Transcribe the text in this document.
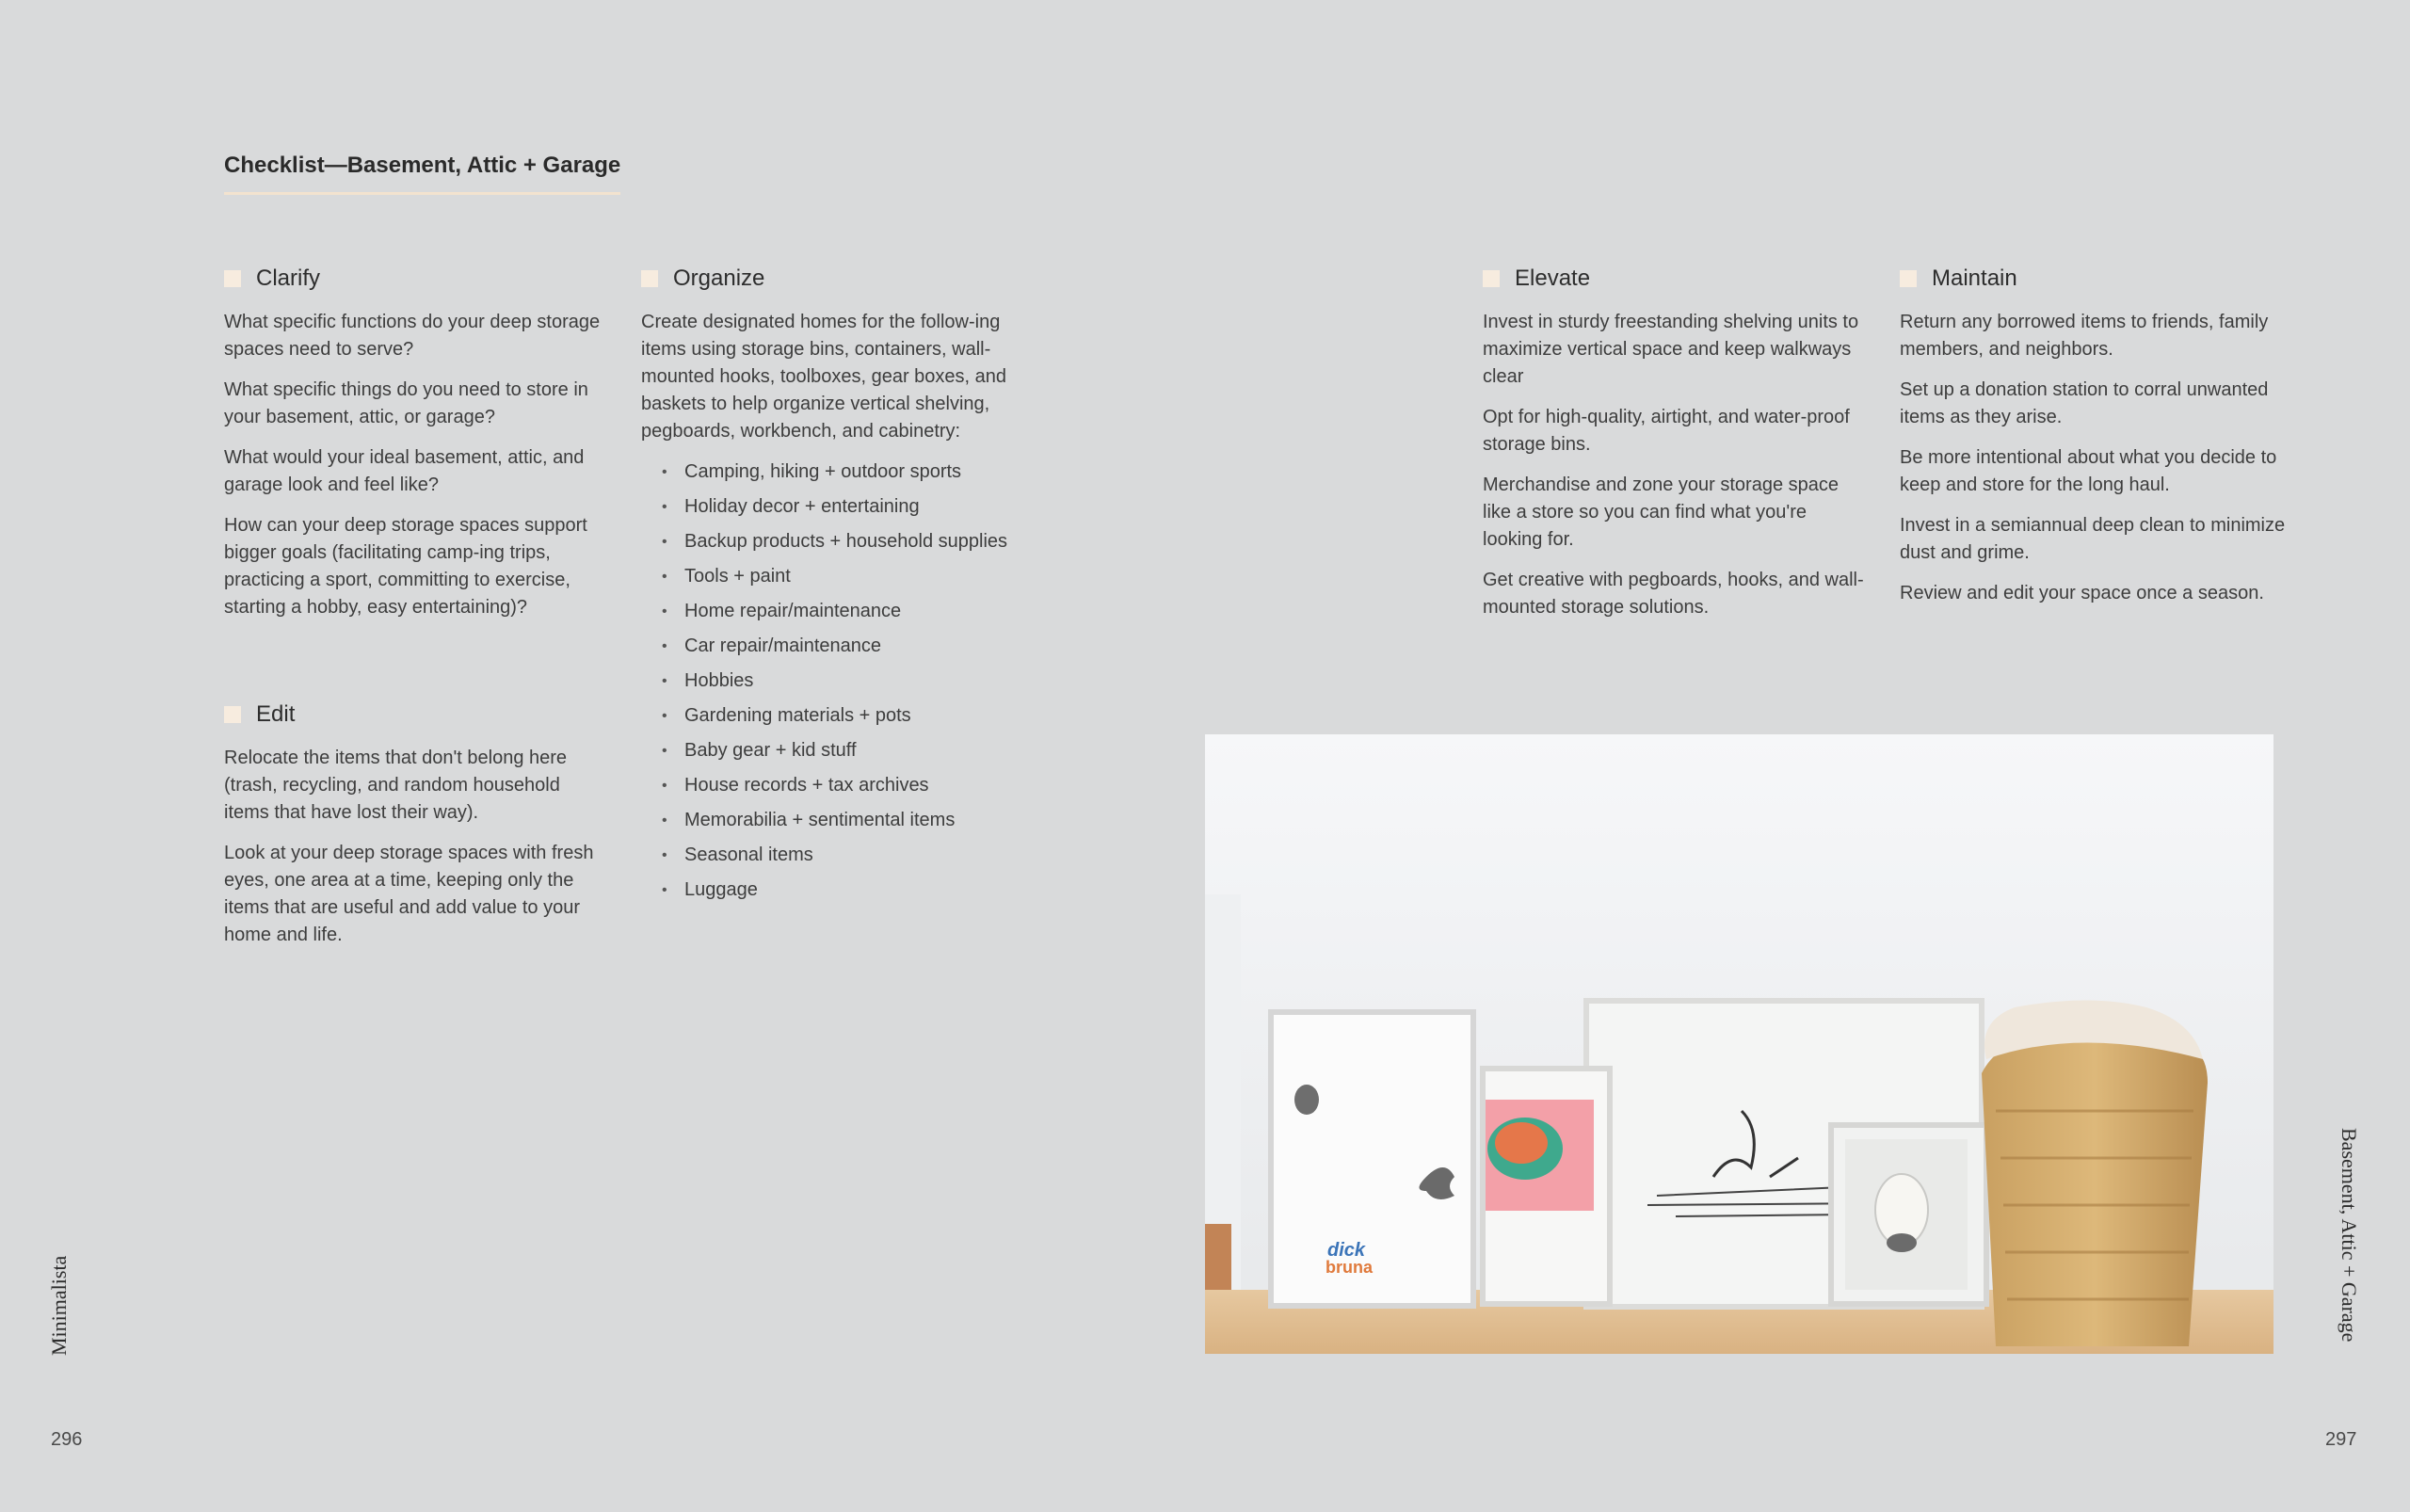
Checklist—Basement, Attic + Garage
Clarify

What specific functions do your deep storage spaces need to serve?

What specific things do you need to store in your basement, attic, or garage?

What would your ideal basement, attic, and garage look and feel like?

How can your deep storage spaces support bigger goals (facilitating camp-ing trips, practicing a sport, committing to exercise, starting a hobby, easy entertaining)?

Edit

Relocate the items that don't belong here (trash, recycling, and random household items that have lost their way).

Look at your deep storage spaces with fresh eyes, one area at a time, keeping only the items that are useful and add value to your home and life.

Organize

Create designated homes for the follow-ing items using storage bins, containers, wall-mounted hooks, toolboxes, gear boxes, and baskets to help organize vertical shelving, pegboards, workbench, and cabinetry:

• Camping, hiking + outdoor sports
• Holiday decor + entertaining
• Backup products + household supplies
• Tools + paint
• Home repair/maintenance
• Car repair/maintenance
• Hobbies
• Gardening materials + pots
• Baby gear + kid stuff
• House records + tax archives
• Memorabilia + sentimental items
• Seasonal items
• Luggage
Elevate

Invest in sturdy freestanding shelving units to maximize vertical space and keep walkways clear

Opt for high-quality, airtight, and water-proof storage bins.

Merchandise and zone your storage space like a store so you can find what you're looking for.

Get creative with pegboards, hooks, and wall-mounted storage solutions.

Maintain

Return any borrowed items to friends, family members, and neighbors.

Set up a donation station to corral unwanted items as they arise.

Be more intentional about what you decide to keep and store for the long haul.

Invest in a semiannual deep clean to minimize dust and grime.

Review and edit your space once a season.

dick
bruna
Minimalista	Basement, Attic + Garage
296	297
